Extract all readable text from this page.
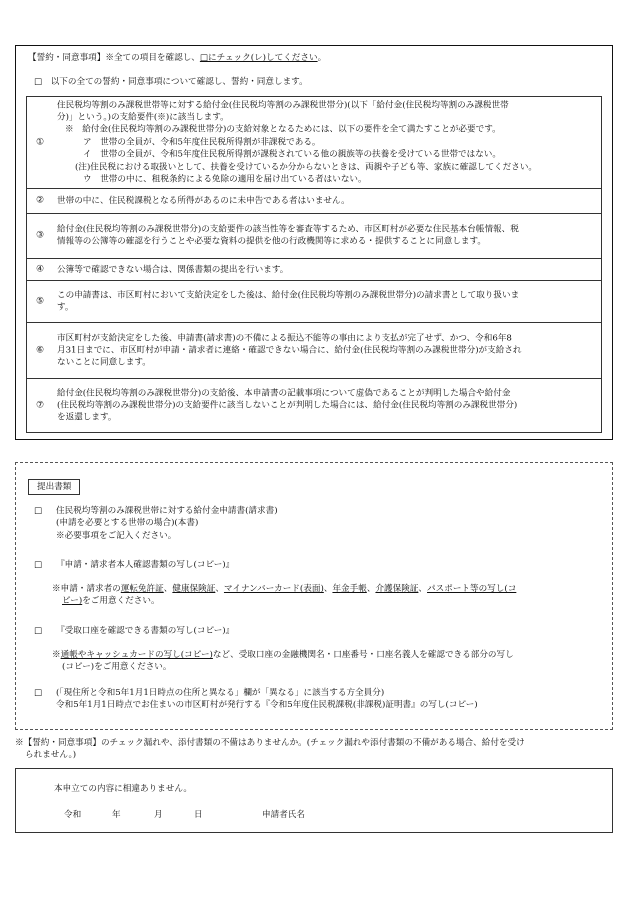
【誓約・同意事項】※全ての項目を確認し、□にチェック(レ)してください。
□　以下の全ての誓約・同意事項について確認し、誓約・同意します。
①
住民税均等割のみ課税世帯等に対する給付金(住民税均等割のみ課税世帯分)(以下「給付金(住民税均等割のみ課税世帯
分)」という。)の支給要件(※)に該当します。
※　給付金(住民税均等割のみ課税世帯分)の支給対象となるためには、以下の要件を全て満たすことが必要です。
ア　世帯の全員が、令和5年度住民税所得割が非課税である。
イ　世帯の全員が、令和5年度住民税所得割が課税されている他の親族等の扶養を受けている世帯ではない。
(注)住民税における取扱いとして、扶養を受けているか分からないときは、両親や子ども等、家族に確認してください。
ウ　世帯の中に、租税条約による免除の適用を届け出ている者はいない。
② 世帯の中に、住民税課税となる所得があるのに未申告である者はいません。
③
給付金(住民税均等割のみ課税世帯分)の支給要件の該当性等を審査等するため、市区町村が必要な住民基本台帳情報、税
情報等の公簿等の確認を行うことや必要な資料の提供を他の行政機関等に求める・提供することに同意します。
④ 公簿等で確認できない場合は、関係書類の提出を行います。
⑤
この申請書は、市区町村において支給決定をした後は、給付金(住民税均等割のみ課税世帯分)の請求書として取り扱いま
す。
⑥
市区町村が支給決定をした後、申請書(請求書)の不備による振込不能等の事由により支払が完了せず、かつ、令和6年8
月31日までに、市区町村が申請・請求者に連絡・確認できない場合に、給付金(住民税均等割のみ課税世帯分)が支給され
ないことに同意します。
⑦
給付金(住民税均等割のみ課税世帯分)の支給後、本申請書の記載事項について虚偽であることが判明した場合や給付金
(住民税均等割のみ課税世帯分)の支給要件に該当しないことが判明した場合には、給付金(住民税均等割のみ課税世帯分)
を返還します。
提出書類
□ 住民税均等割のみ課税世帯に対する給付金申請書(請求書)
(申請を必要とする世帯の場合)(本書)
※必要事項をご記入ください。
□ 『申請・請求者本人確認書類の写し(コピー)』
※申請・請求者の運転免許証、健康保険証、マイナンバーカード(表面)、年金手帳、介護保険証、パスポート等の写し(コ
ピー)をご用意ください。
□ 『受取口座を確認できる書類の写し(コピー)』
※通帳やキャッシュカードの写し(コピー)など、受取口座の金融機関名・口座番号・口座名義人を確認できる部分の写し
(コピー)をご用意ください。
□ (「現住所と令和5年1月1日時点の住所と異なる」欄が「異なる」に該当する方全員分)
令和5年1月1日時点でお住まいの市区町村が発行する『令和5年度住民税課税(非課税)証明書』の写し(コピー)
※【誓約・同意事項】のチェック漏れや、添付書類の不備はありませんか。(チェック漏れや添付書類の不備がある場合、給付を受け
られません。)
本申立ての内容に相違ありません。
令和	年	月	日	申請者氏名
